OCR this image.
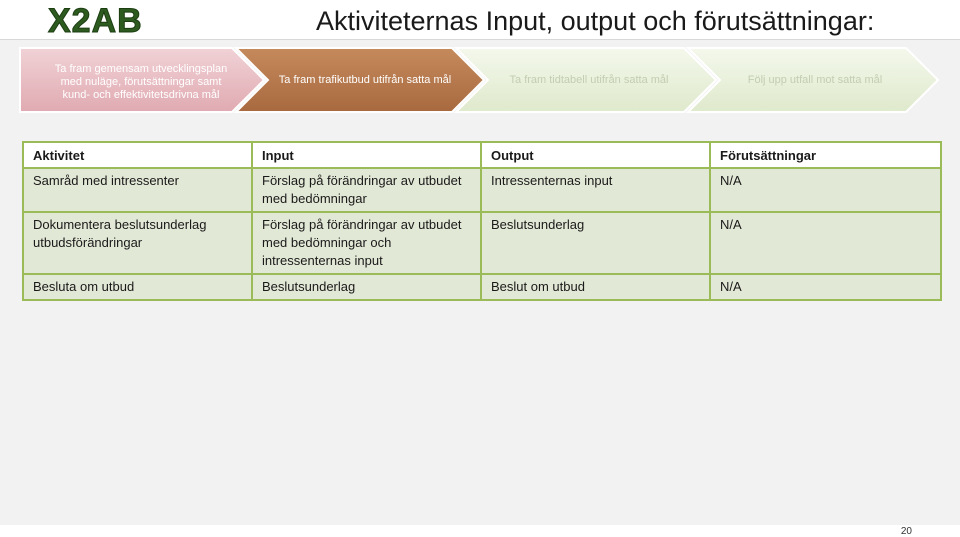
X2AB	Aktiviteternas Input, output och förutsättningar:
Ta fram gemensam utvecklingsplan med nuläge, förutsättningar samt kund- och effektivitetsdrivna mål
Ta fram trafikutbud utifrån satta mål	Ta fram tidtabell utifrån satta mål	Följ upp utfall mot satta mål
Aktivitet	Input	Output	Förutsättningar
Samråd med intressenter	Förslag på förändringar av utbudet med bedömningar	Intressenternas input	N/A
Dokumentera beslutsunderlag utbudsförändringar	Förslag på förändringar av utbudet med bedömningar och intressenternas input	Beslutsunderlag	N/A
Besluta om utbud	Beslutsunderlag	Beslut om utbud	N/A
20
